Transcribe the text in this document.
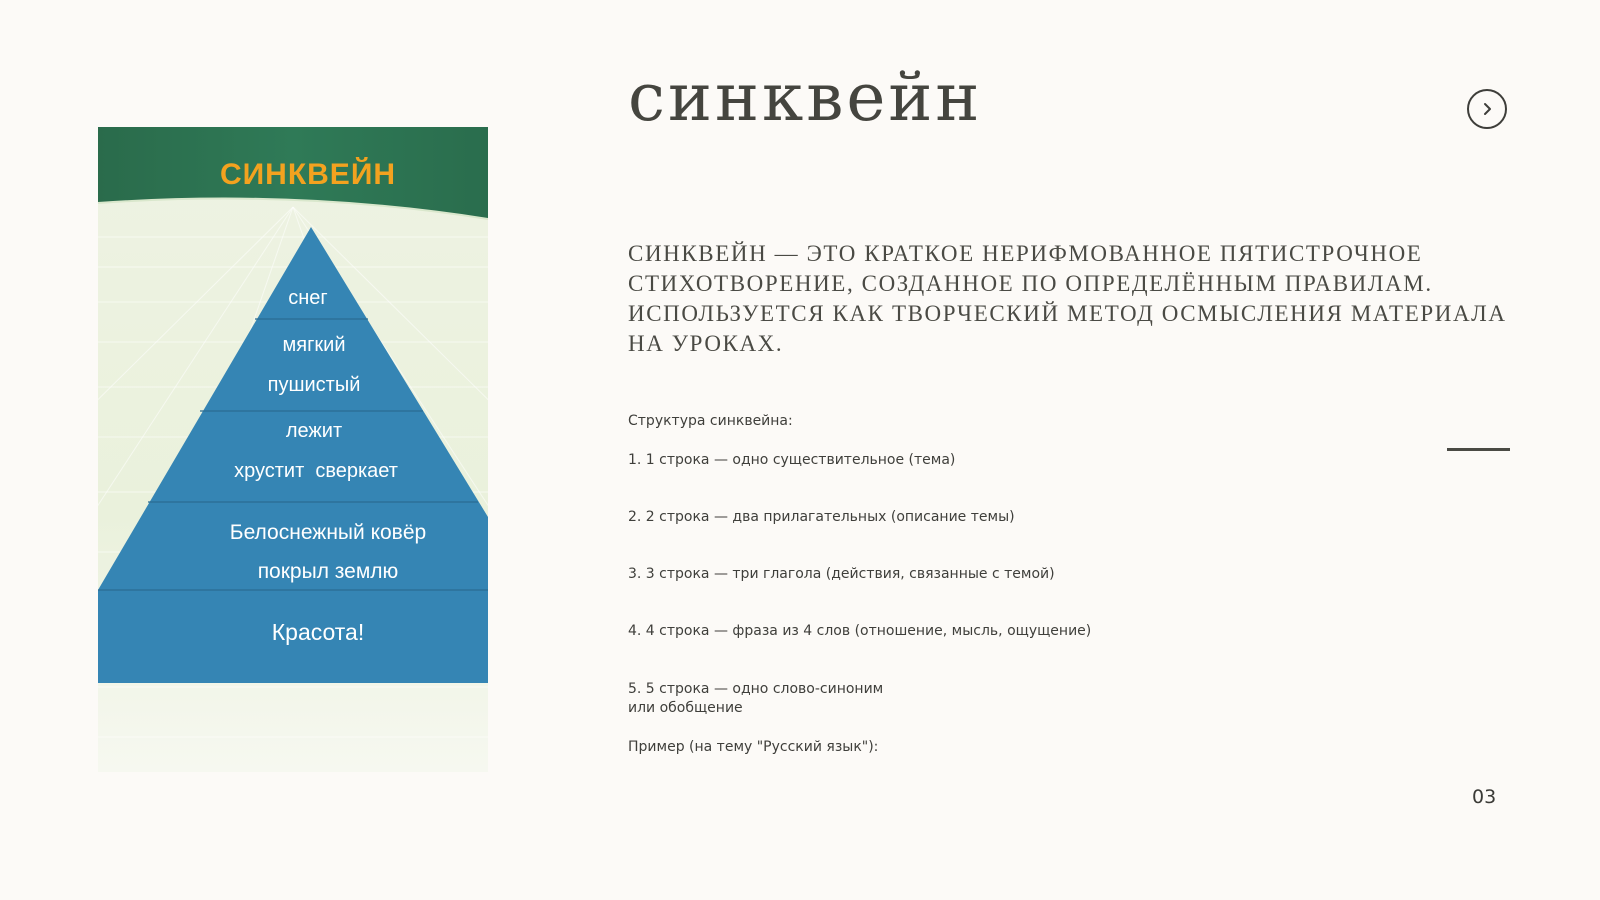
СИНКВЕЙН
снег
мягкий
пушистый
лежит
хрустит  сверкает
Белоснежный ковёр
покрыл землю
Красота!
синквейн
СИНКВЕЙН — ЭТО КРАТКОЕ НЕРИФМОВАННОЕ ПЯТИСТРОЧНОЕ СТИХОТВОРЕНИЕ, СОЗДАННОЕ ПО ОПРЕДЕЛЁННЫМ ПРАВИЛАМ. ИСПОЛЬЗУЕТСЯ КАК ТВОРЧЕСКИЙ МЕТОД ОСМЫСЛЕНИЯ МАТЕРИАЛА НА УРОКАХ.
Структура синквейна:
1. 1 строка — одно существительное (тема)
2. 2 строка — два прилагательных (описание темы)
3. 3 строка — три глагола (действия, связанные с темой)
4. 4 строка — фраза из 4 слов (отношение, мысль, ощущение)
5. 5 строка — одно слово-синоним
или обобщение
Пример (на тему "Русский язык"):
03
